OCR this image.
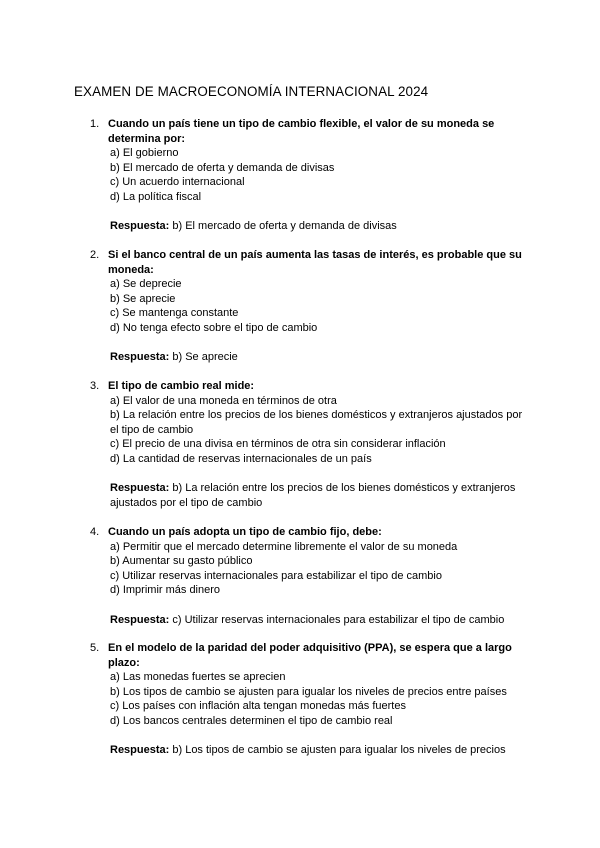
EXAMEN DE MACROECONOMÍA INTERNACIONAL 2024
1. Cuando un país tiene un tipo de cambio flexible, el valor de su moneda se determina por:
a) El gobierno
b) El mercado de oferta y demanda de divisas
c) Un acuerdo internacional
d) La política fiscal
Respuesta: b) El mercado de oferta y demanda de divisas
2. Si el banco central de un país aumenta las tasas de interés, es probable que su moneda:
a) Se deprecie
b) Se aprecie
c) Se mantenga constante
d) No tenga efecto sobre el tipo de cambio
Respuesta: b) Se aprecie
3. El tipo de cambio real mide:
a) El valor de una moneda en términos de otra
b) La relación entre los precios de los bienes domésticos y extranjeros ajustados por el tipo de cambio
c) El precio de una divisa en términos de otra sin considerar inflación
d) La cantidad de reservas internacionales de un país
Respuesta: b) La relación entre los precios de los bienes domésticos y extranjeros ajustados por el tipo de cambio
4. Cuando un país adopta un tipo de cambio fijo, debe:
a) Permitir que el mercado determine libremente el valor de su moneda
b) Aumentar su gasto público
c) Utilizar reservas internacionales para estabilizar el tipo de cambio
d) Imprimir más dinero
Respuesta: c) Utilizar reservas internacionales para estabilizar el tipo de cambio
5. En el modelo de la paridad del poder adquisitivo (PPA), se espera que a largo plazo:
a) Las monedas fuertes se aprecien
b) Los tipos de cambio se ajusten para igualar los niveles de precios entre países
c) Los países con inflación alta tengan monedas más fuertes
d) Los bancos centrales determinen el tipo de cambio real
Respuesta: b) Los tipos de cambio se ajusten para igualar los niveles de precios
